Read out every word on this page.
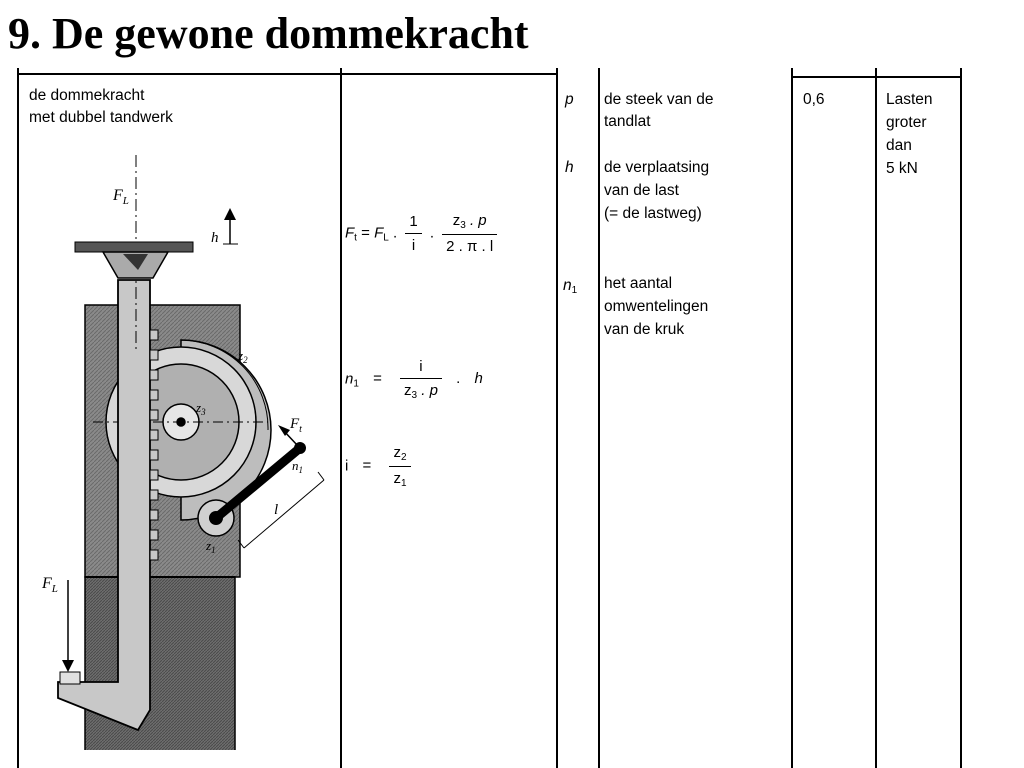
9. De gewone dommekracht
de dommekracht
met dubbel tandwerk
$F_L$
h
$z_2$
$z_3$
$F_t$
$n_1$
l
$z_1$
$F_L$
$F_t = F_L$ . $\frac{1}{i}$ . $\frac{z_3 . p}{2 . \pi . l}$
$n_1 = \frac{i}{z_3 . p}$ . h
$i = \frac{z_2}{z_1}$
p
h
$n_1$
de steek van de
tandlat
de verplaatsing
van de last
(= de lastweg)
het aantal
omwentelingen
van de kruk
0,6	Lasten
groter
dan
5 kN
